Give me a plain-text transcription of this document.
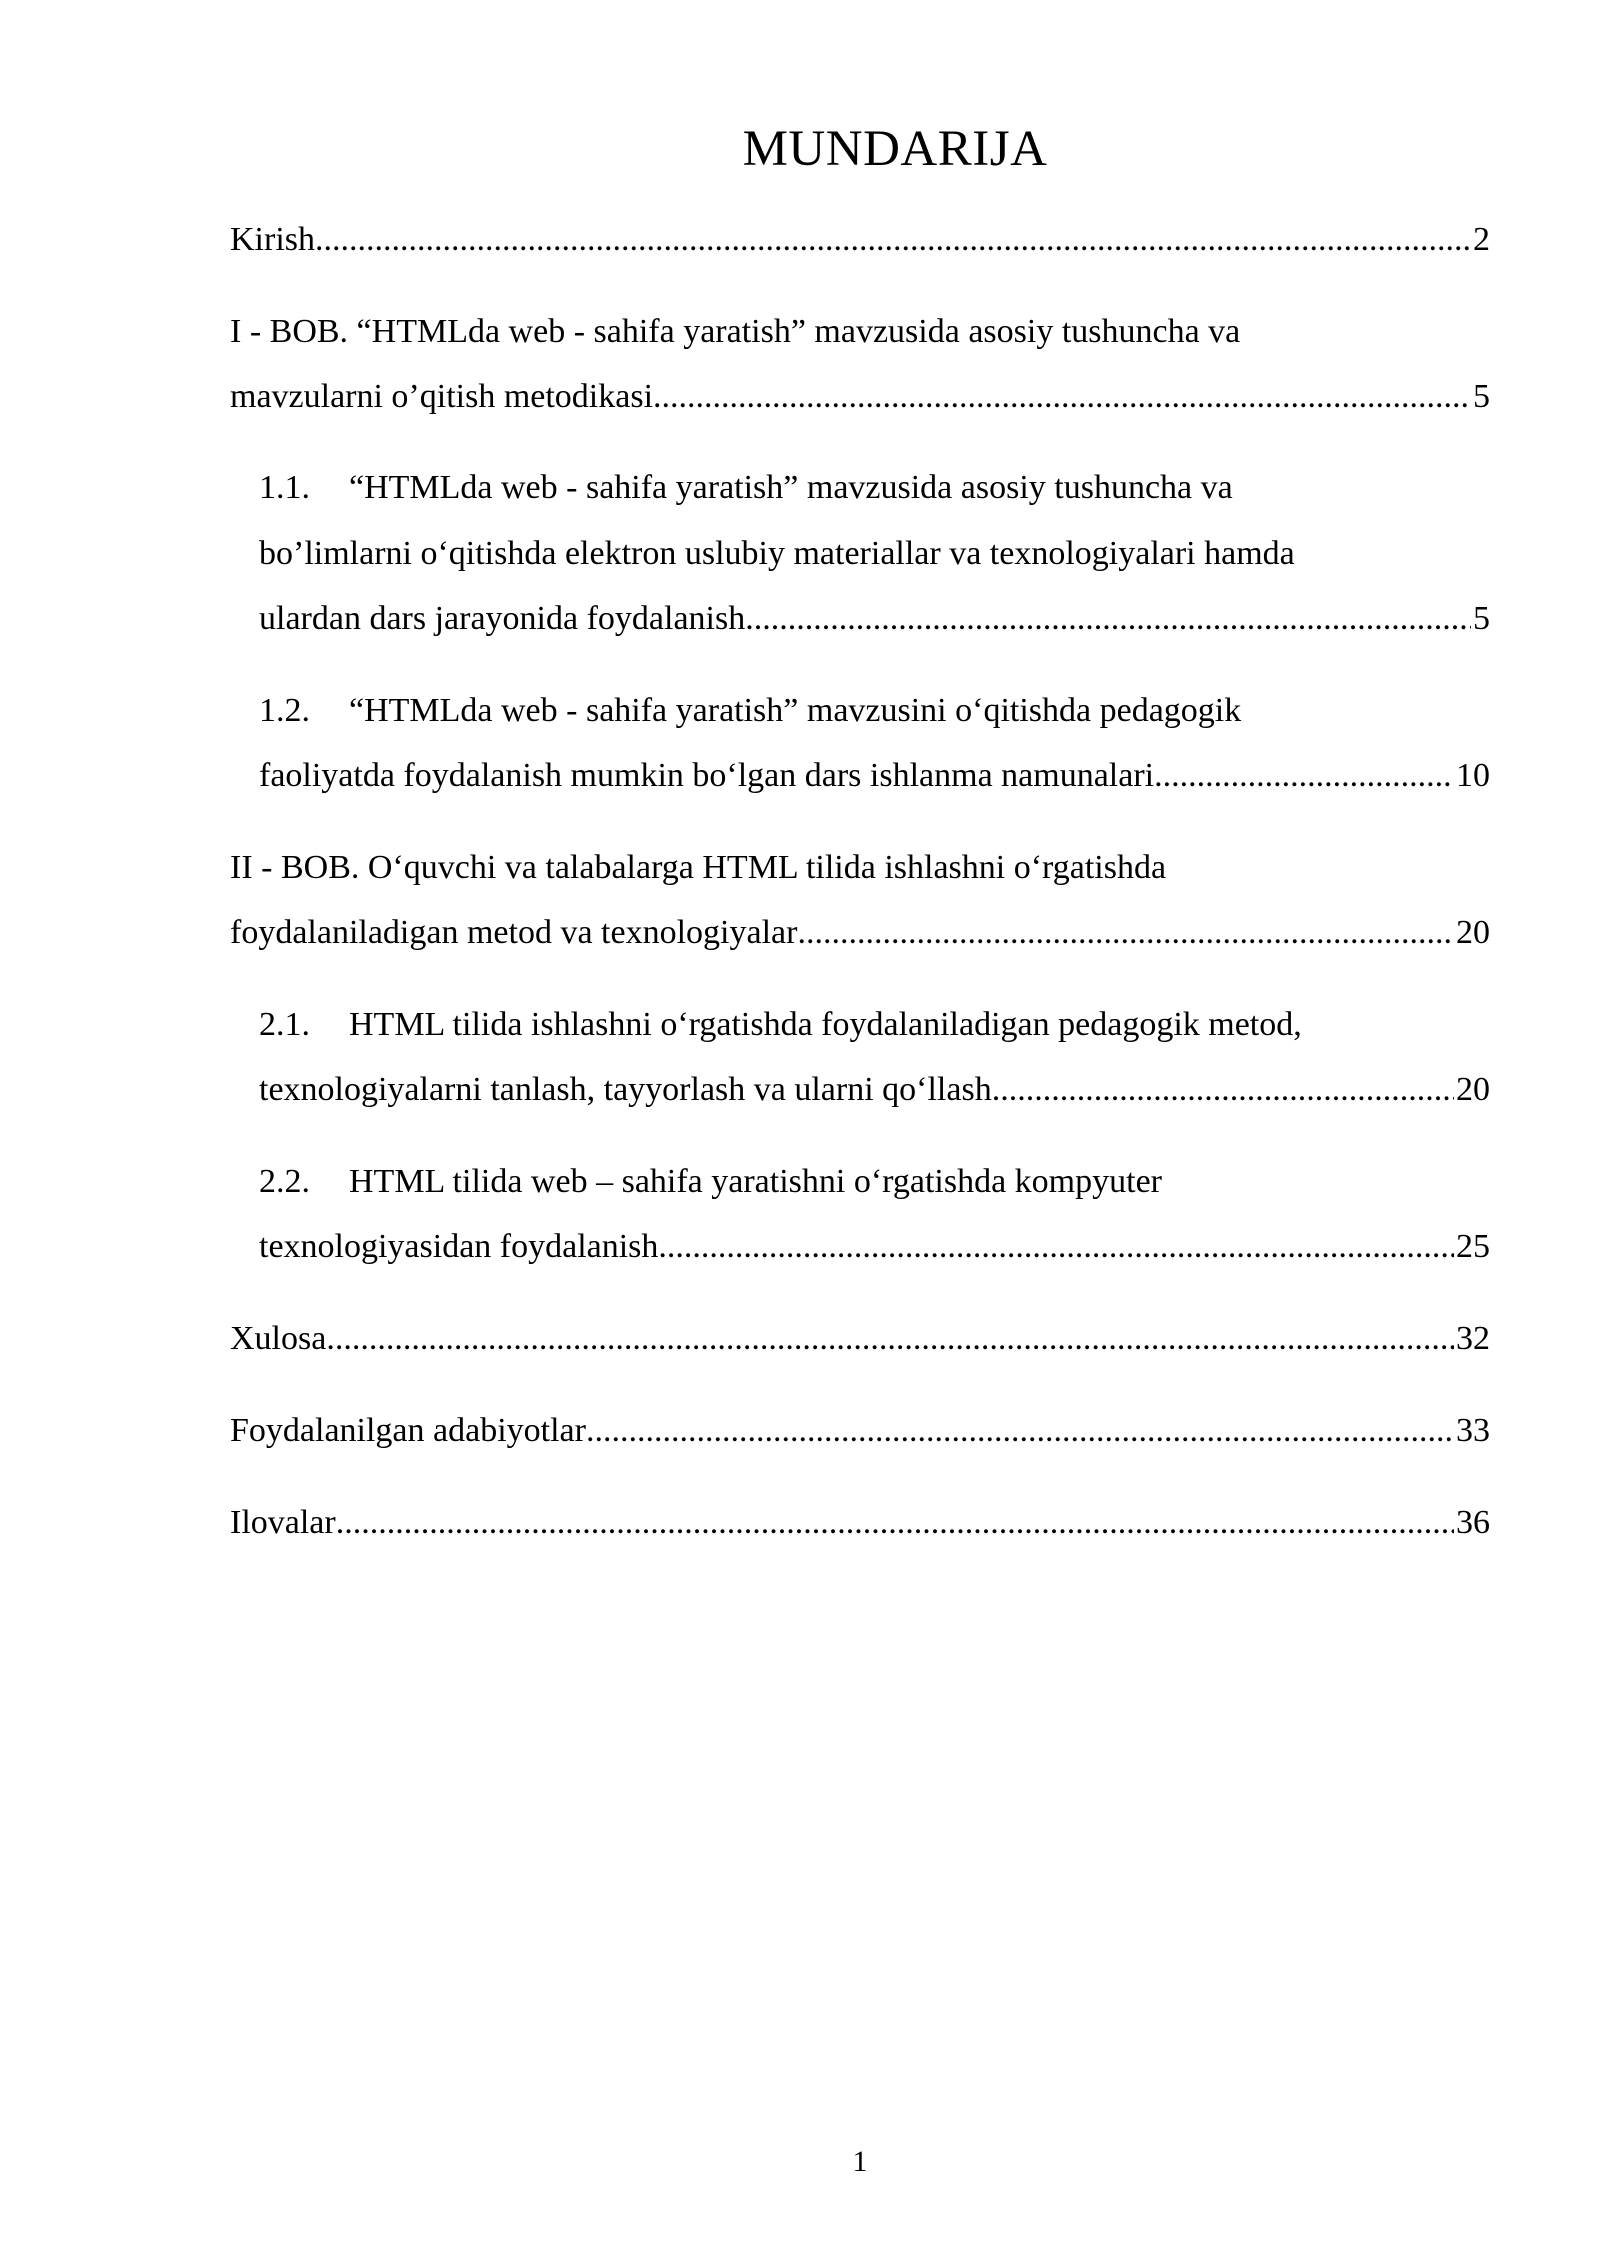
MUNDARIJA
Kirish .....	2
I - BOB. “HTMLda web - sahifa yaratish” mavzusida asosiy tushuncha va
mavzularni o’qitish metodikasi .....	5
1.1. “HTMLda web - sahifa yaratish” mavzusida asosiy tushuncha va
bo’limlarni o‘qitishda elektron uslubiy materiallar va texnologiyalari hamda
ulardan dars jarayonida foydalanish .....	5
1.2. “HTMLda web - sahifa yaratish” mavzusini o‘qitishda pedagogik
faoliyatda foydalanish mumkin bo‘lgan dars ishlanma namunalari .....	10
II - BOB. O‘quvchi va talabalarga HTML tilida ishlashni o‘rgatishda
foydalaniladigan metod va texnologiyalar .....	20
2.1. HTML tilida ishlashni o‘rgatishda foydalaniladigan pedagogik metod,
texnologiyalarni tanlash, tayyorlash va ularni qo‘llash .....	20
2.2. HTML tilida web – sahifa yaratishni o‘rgatishda kompyuter
texnologiyasidan foydalanish .....	25
Xulosa .....	32
Foydalanilgan adabiyotlar .....	33
Ilovalar .....	36
1
